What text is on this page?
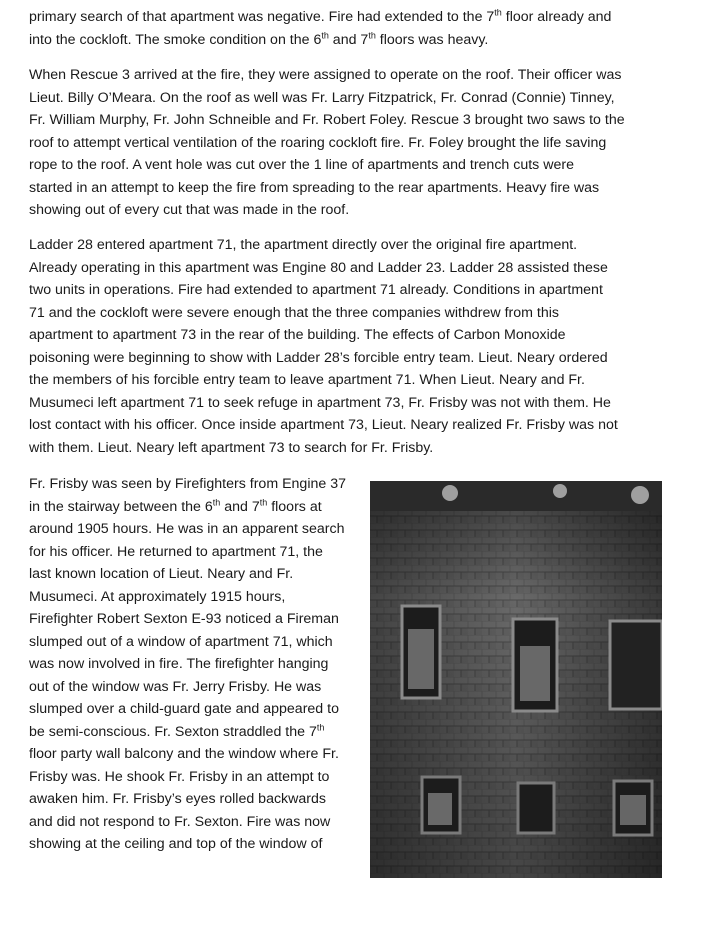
primary search of that apartment was negative. Fire had extended to the 7th floor already and
into the cockloft. The smoke condition on the 6th and 7th floors was heavy.
When Rescue 3 arrived at the fire, they were assigned to operate on the roof. Their officer was
Lieut. Billy O’Meara. On the roof as well was Fr. Larry Fitzpatrick, Fr. Conrad (Connie) Tinney,
Fr. William Murphy, Fr. John Schneible and Fr. Robert Foley. Rescue 3 brought two saws to the
roof to attempt vertical ventilation of the roaring cockloft fire. Fr. Foley brought the life saving
rope to the roof. A vent hole was cut over the 1 line of apartments and trench cuts were
started in an attempt to keep the fire from spreading to the rear apartments. Heavy fire was
showing out of every cut that was made in the roof.
Ladder 28 entered apartment 71, the apartment directly over the original fire apartment.
Already operating in this apartment was Engine 80 and Ladder 23. Ladder 28 assisted these
two units in operations. Fire had extended to apartment 71 already. Conditions in apartment
71 and the cockloft were severe enough that the three companies withdrew from this
apartment to apartment 73 in the rear of the building. The effects of Carbon Monoxide
poisoning were beginning to show with Ladder 28’s forcible entry team. Lieut. Neary ordered
the members of his forcible entry team to leave apartment 71. When Lieut. Neary and Fr.
Musumeci left apartment 71 to seek refuge in apartment 73, Fr. Frisby was not with them. He
lost contact with his officer. Once inside apartment 73, Lieut. Neary realized Fr. Frisby was not
with them. Lieut. Neary left apartment 73 to search for Fr. Frisby.
Fr. Frisby was seen by Firefighters from Engine 37
in the stairway between the 6th and 7th floors at
around 1905 hours. He was in an apparent search
for his officer. He returned to apartment 71, the
last known location of Lieut. Neary and Fr.
Musumeci. At approximately 1915 hours,
Firefighter Robert Sexton E-93 noticed a Fireman
slumped out of a window of apartment 71, which
was now involved in fire. The firefighter hanging
out of the window was Fr. Jerry Frisby. He was
slumped over a child-guard gate and appeared to
be semi-conscious. Fr. Sexton straddled the 7th
floor party wall balcony and the window where Fr.
Frisby was. He shook Fr. Frisby in an attempt to
awaken him. Fr. Frisby’s eyes rolled backwards
and did not respond to Fr. Sexton. Fire was now
showing at the ceiling and top of the window of
